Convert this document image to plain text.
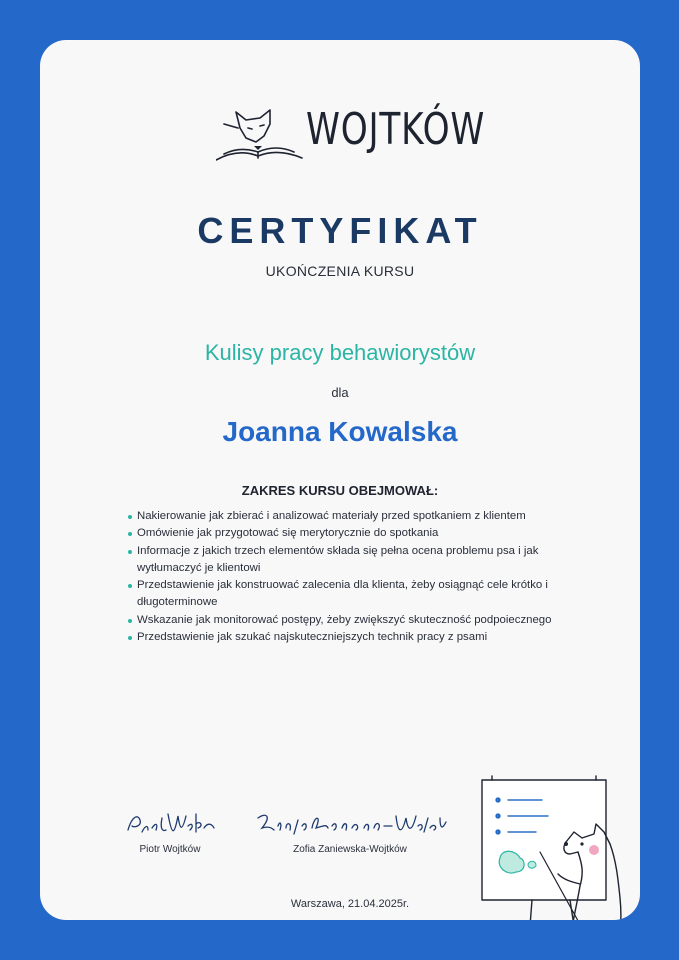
WOJTKÓW
CERTYFIKAT
UKOŃCZENIA KURSU
Kulisy pracy behawiorystów
dla
Joanna Kowalska
ZAKRES KURSU OBEJMOWAŁ:
Nakierowanie jak zbierać i analizować materiały przed spotkaniem z klientem
Omówienie jak przygotować się merytorycznie do spotkania
Informacje z jakich trzech elementów składa się pełna ocena problemu psa i jak wytłumaczyć je klientowi
Przedstawienie jak konstruować zalecenia dla klienta, żeby osiągnąć cele krótko i długoterminowe
Wskazanie jak monitorować postępy, żeby zwiększyć skuteczność podpoiecznego
Przedstawienie jak szukać najskuteczniejszych technik pracy z psami
Piotr Wojtków	Zofia Zaniewska-Wojtków
Warszawa, 21.04.2025r.
